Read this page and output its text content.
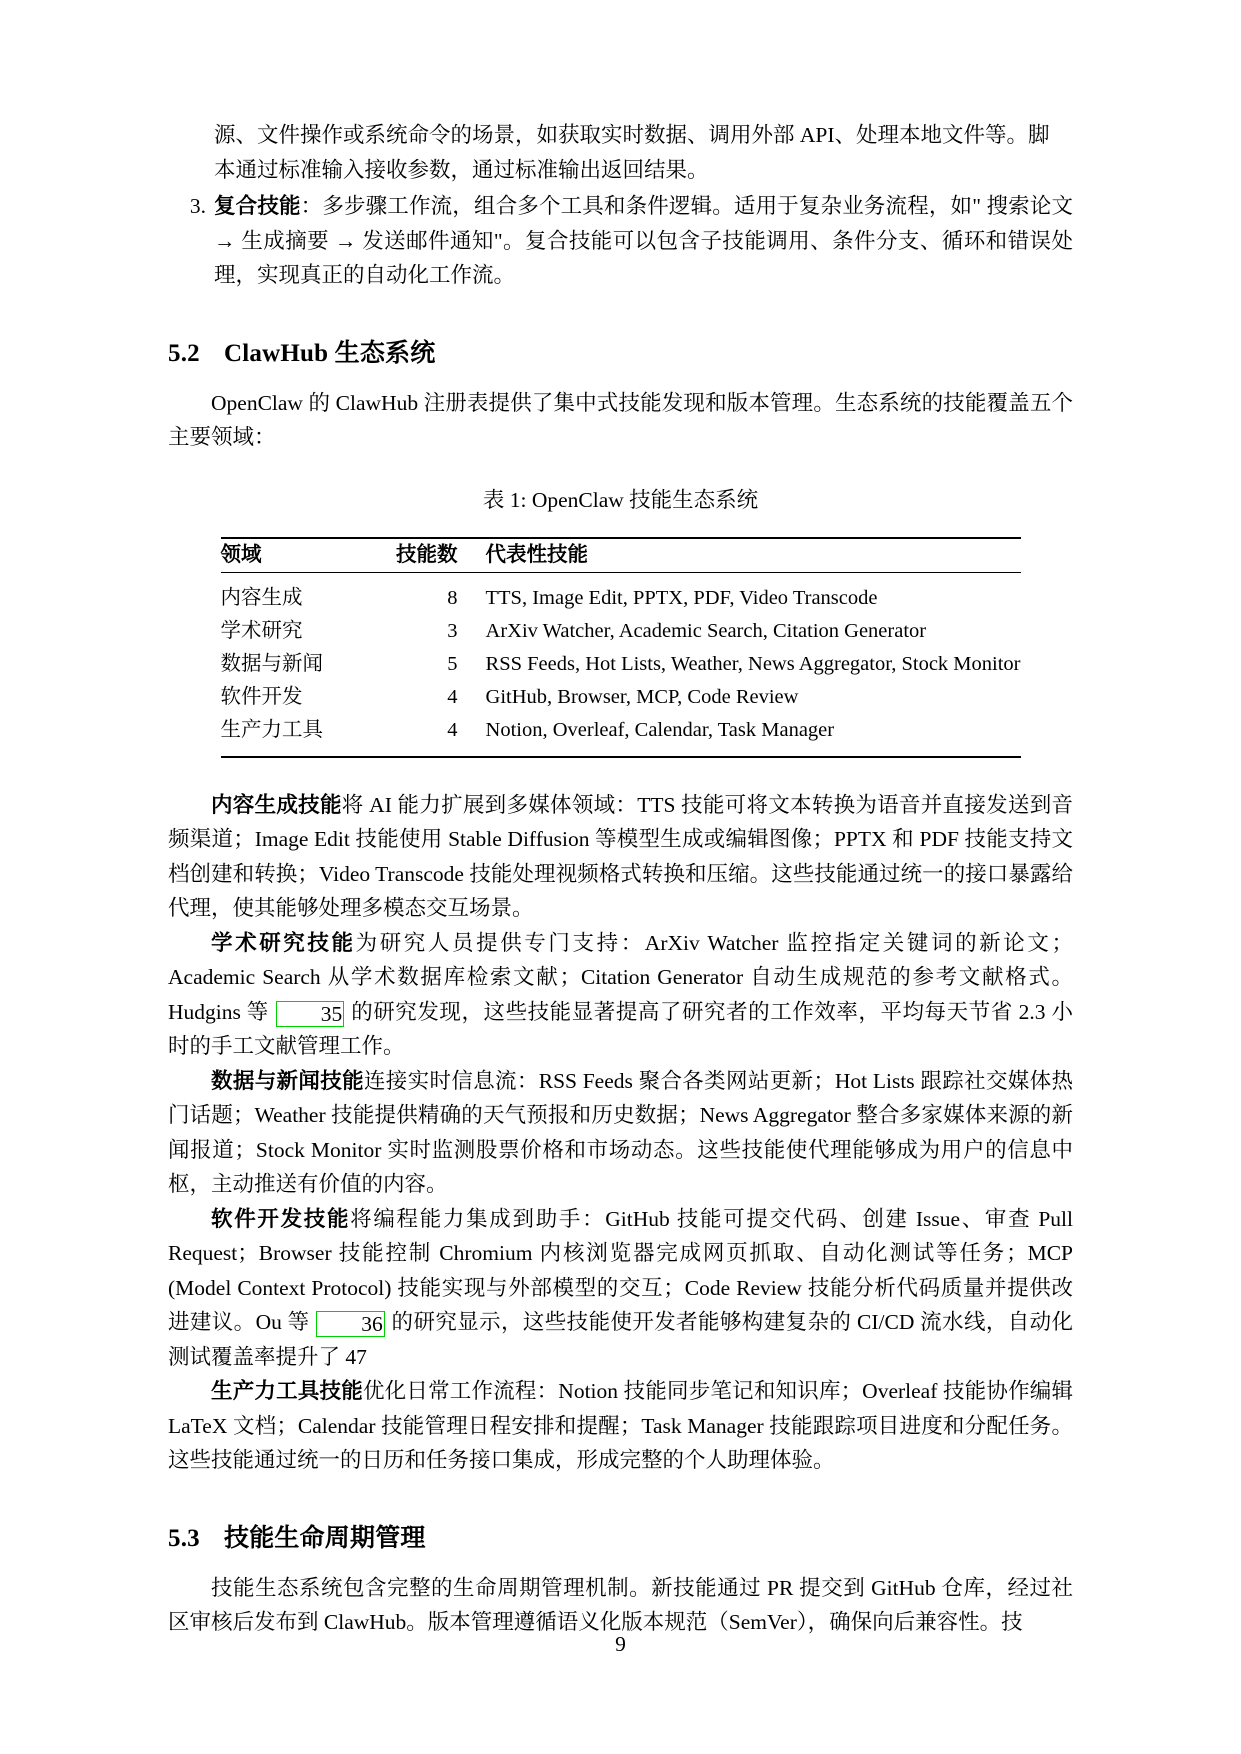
源、文件操作或系统命令的场景，如获取实时数据、调用外部 API、处理本地文件等。脚

本通过标准输入接收参数，通过标准输出返回结果。

3. 复合技能：多步骤工作流，组合多个工具和条件逻辑。适用于复杂业务流程，如" 搜索论文 → 生成摘要 → 发送邮件通知"。复合技能可以包含子技能调用、条件分支、循环和错误处理，实现真正的自动化工作流。
5.2 ClawHub 生态系统

OpenClaw 的 ClawHub 注册表提供了集中式技能发现和版本管理。生态系统的技能覆盖五个主要领域：

表 1: OpenClaw 技能生态系统
领域	技能数	代表性技能
内容生成	8	TTS, Image Edit, PPTX, PDF, Video Transcode
学术研究	3	ArXiv Watcher, Academic Search, Citation Generator
数据与新闻	5	RSS Feeds, Hot Lists, Weather, News Aggregator, Stock Monitor
软件开发	4	GitHub, Browser, MCP, Code Review
生产力工具	4	Notion, Overleaf, Calendar, Task Manager

内容生成技能将 AI 能力扩展到多媒体领域：TTS 技能可将文本转换为语音并直接发送到音频渠道；Image Edit 技能使用 Stable Diffusion 等模型生成或编辑图像；PPTX 和 PDF 技能支持文档创建和转换；Video Transcode 技能处理视频格式转换和压缩。这些技能通过统一的接口暴露给代理，使其能够处理多模态交互场景。

学术研究技能为研究人员提供专门支持：ArXiv Watcher 监控指定关键词的新论文；Academic Search 从学术数据库检索文献；Citation Generator 自动生成规范的参考文献格式。Hudgins 等 35 的研究发现，这些技能显著提高了研究者的工作效率，平均每天节省 2.3 小时的手工文献管理工作。

数据与新闻技能连接实时信息流：RSS Feeds 聚合各类网站更新；Hot Lists 跟踪社交媒体热门话题；Weather 技能提供精确的天气预报和历史数据；News Aggregator 整合多家媒体来源的新闻报道；Stock Monitor 实时监测股票价格和市场动态。这些技能使代理能够成为用户的信息中枢，主动推送有价值的内容。

软件开发技能将编程能力集成到助手：GitHub 技能可提交代码、创建 Issue、审查 Pull Request；Browser 技能控制 Chromium 内核浏览器完成网页抓取、自动化测试等任务；MCP (Model Context Protocol) 技能实现与外部模型的交互；Code Review 技能分析代码质量并提供改进建议。Ou 等 36 的研究显示，这些技能使开发者能够构建复杂的 CI/CD 流水线，自动化测试覆盖率提升了 47

生产力工具技能优化日常工作流程：Notion 技能同步笔记和知识库；Overleaf 技能协作编辑 LaTeX 文档；Calendar 技能管理日程安排和提醒；Task Manager 技能跟踪项目进度和分配任务。这些技能通过统一的日历和任务接口集成，形成完整的个人助理体验。

5.3 技能生命周期管理

技能生态系统包含完整的生命周期管理机制。新技能通过 PR 提交到 GitHub 仓库，经过社区审核后发布到 ClawHub。版本管理遵循语义化版本规范（SemVer），确保向后兼容性。技

9
